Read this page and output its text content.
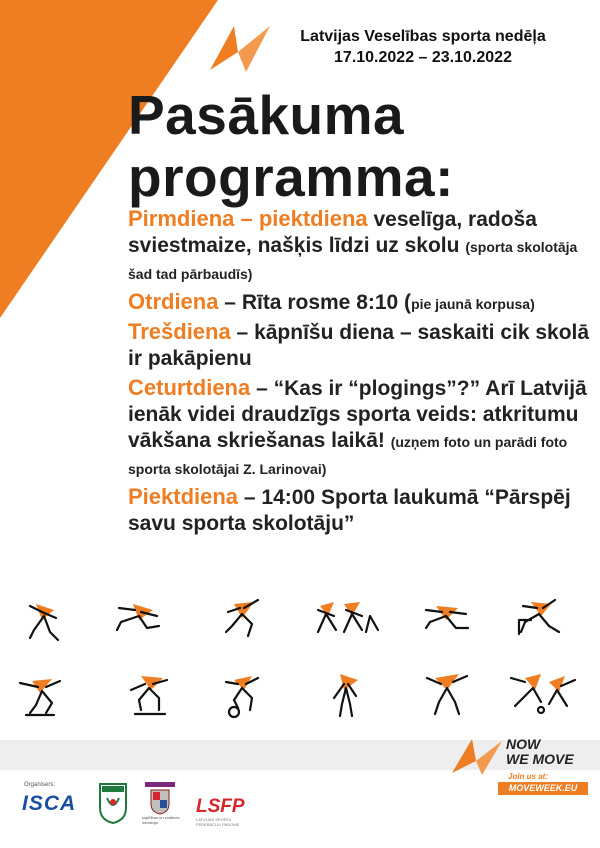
Latvijas Veselības sporta nedēļa
17.10.2022 – 23.10.2022
Pasākuma
programma:
Pirmdiena – piektdiena veselīga, radoša sviestmaize, našķis līdzi uz skolu (sporta skolotāja šad tad pārbaudīs)
Otrdiena – Rīta rosme 8:10 (pie jaunā korpusa)
Trešdiena – kāpnīšu diena – saskaiti cik skolā ir pakāpienu
Ceturtdiena – “Kas ir “plogings”?” Arī Latvijā ienāk videi draudzīgs sporta veids: atkritumu vākšana skriešanas laikā! (uzņem foto un parādi foto sporta skolotājai Z. Larinovai)
Piektdiena – 14:00 Sporta laukumā “Pārspēj savu sporta skolotāju”
Organisers:
ISCA
Izglītības un zinātnes ministrija
LSFP
LATVIJAS SPORTA FEDERĀCIJU PADOME
NOW
WE MOVE
Join us at:
MOVEWEEK.EU
